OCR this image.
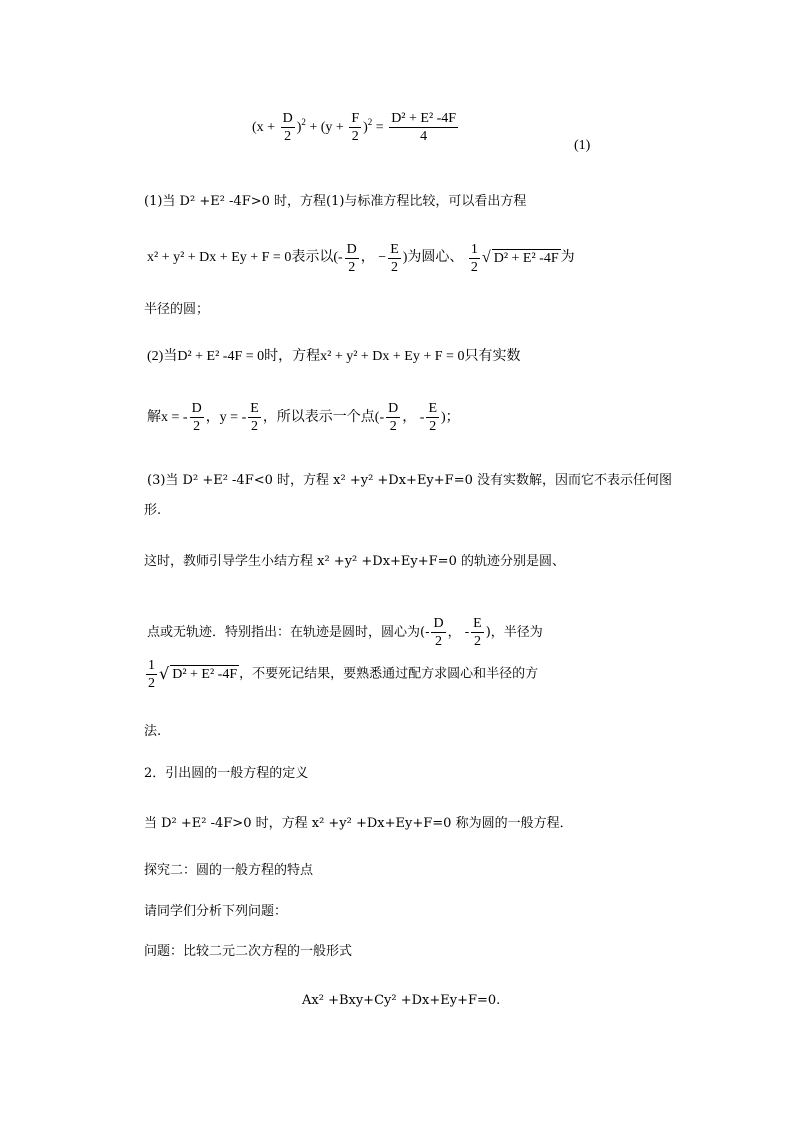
$(x + \frac{D}{2} )^2 + (y + \frac{F}{2} )^2 = \frac{\text{D² + E² -4F}}{4}$
(1)
(1)当 D² +E² -4F>0 时，方程(1)与标准方程比较，可以看出方程
x² + y² + Dx + Ey + F = 0表示以(- $\frac{D}{2}$ ， − $\frac{E}{2}$ )为圆心、 $\frac{1}{2}$ √ D² + E² -4F 为
半径的圆；
(2)当D² + E² -4F = 0时，方程x² + y² + Dx + Ey + F = 0只有实数
解x = - $\frac{D}{2}$ ，y = - $\frac{E}{2}$ ，所以表示一个点(- $\frac{D}{2}$ ， - $\frac{E}{2}$ )；
(3)当 D² +E² -4F<0 时，方程 x² +y² +Dx+Ey+F=0 没有实数解，因而它不表示任何图
形.
这时，教师引导学生小结方程 x² +y² +Dx+Ey+F=0 的轨迹分别是圆、
点或无轨迹．特别指出：在轨迹是圆时，圆心为(- $\frac{D}{2}$ ， - $\frac{E}{2}$ )，半径为
$\frac{1}{2}$ √ D² + E² -4F ，不要死记结果，要熟悉通过配方求圆心和半径的方
法.
2．引出圆的一般方程的定义
当 D² +E² -4F>0 时，方程 x² +y² +Dx+Ey+F=0 称为圆的一般方程．
探究二：圆的一般方程的特点
请同学们分析下列问题：
问题：比较二元二次方程的一般形式
Ax² +Bxy+Cy² +Dx+Ey+F=0.
